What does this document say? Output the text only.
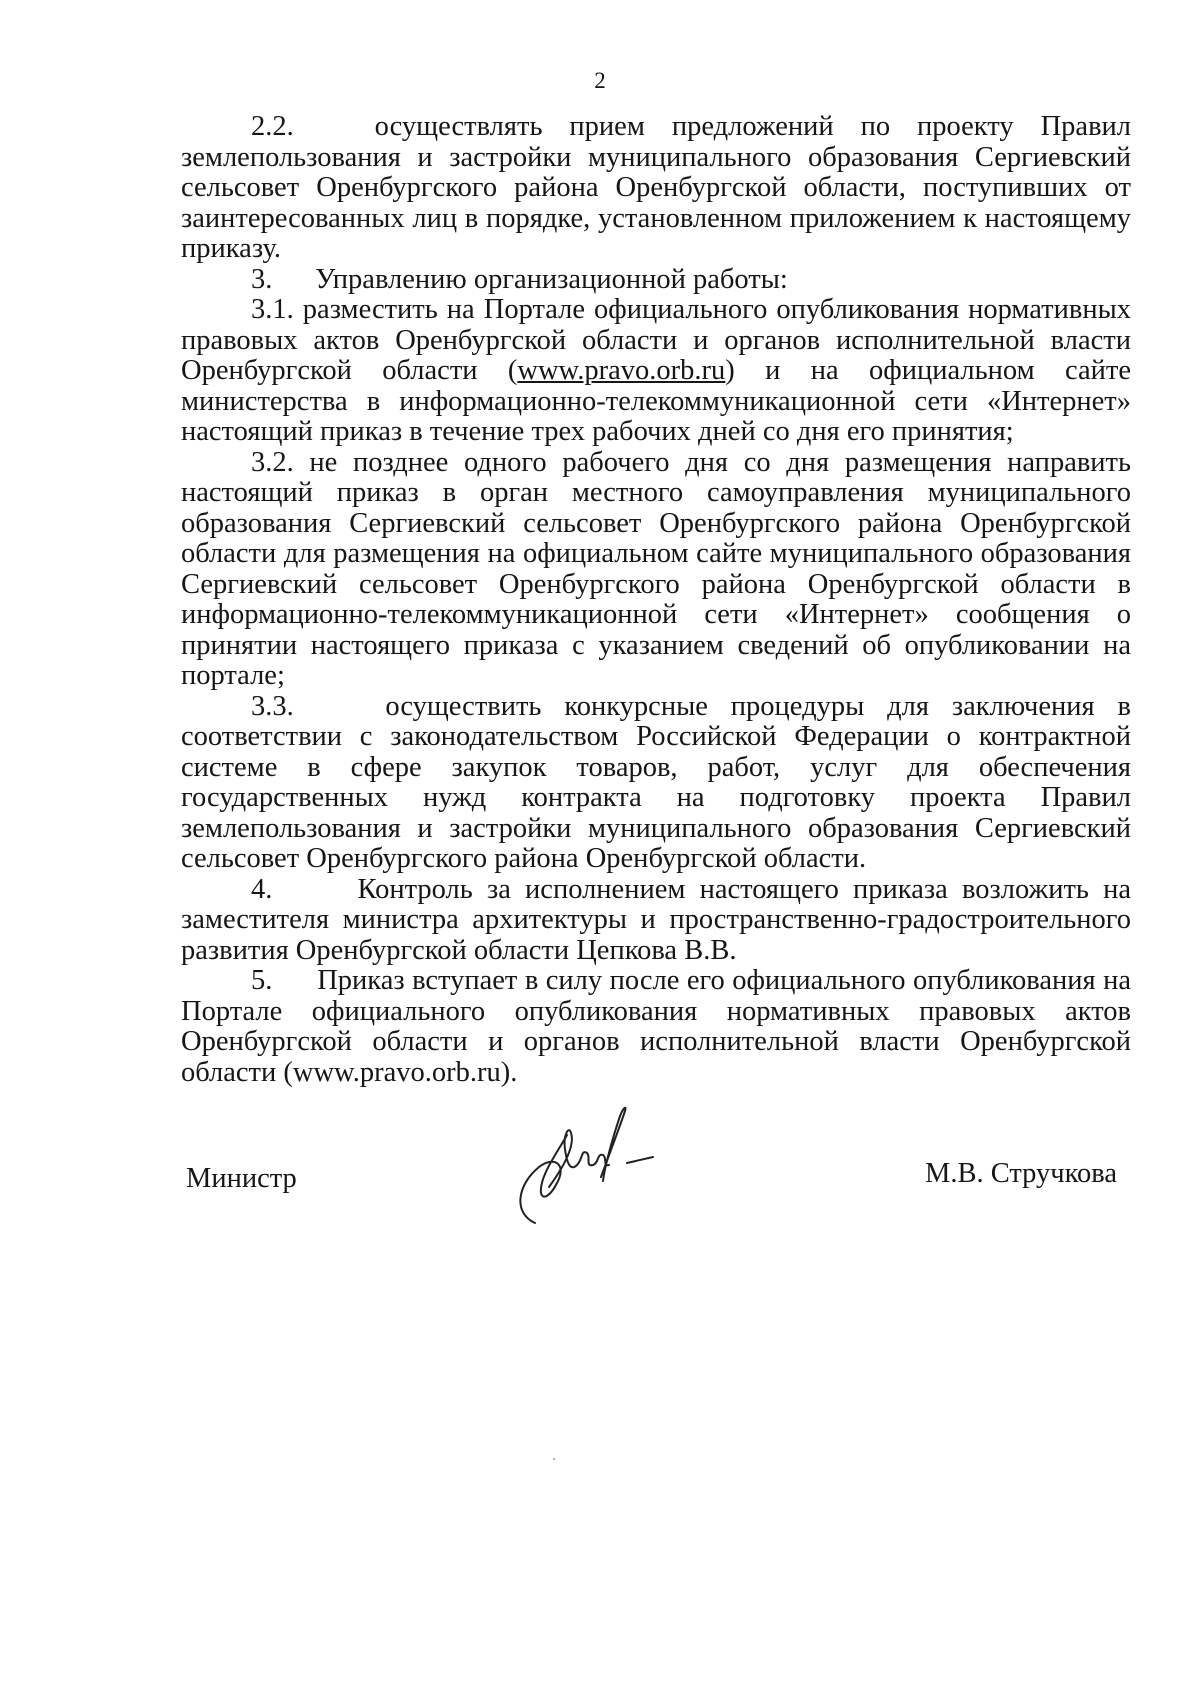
2

2.2.   осуществлять прием предложений по проекту Правил землепользования и застройки муниципального образования Сергиевский сельсовет Оренбургского района Оренбургской области, поступивших от заинтересованных лиц в порядке, установленном приложением к настоящему приказу.

3.      Управлению организационной работы:

3.1. разместить на Портале официального опубликования нормативных правовых актов Оренбургской области и органов исполнительной власти Оренбургской области (www.pravo.orb.ru) и на официальном сайте министерства в информационно-телекоммуникационной сети «Интернет» настоящий приказ в течение трех рабочих дней со дня его принятия;

3.2. не позднее одного рабочего дня со дня размещения направить настоящий приказ в орган местного самоуправления муниципального образования Сергиевский сельсовет Оренбургского района Оренбургской области для размещения на официальном сайте муниципального образования Сергиевский сельсовет Оренбургского района Оренбургской области в информационно-телекоммуникационной сети «Интернет» сообщения о принятии настоящего приказа с указанием сведений об опубликовании на портале;

3.3.    осуществить конкурсные процедуры для заключения в соответствии с законодательством Российской Федерации о контрактной системе в сфере закупок товаров, работ, услуг для обеспечения государственных нужд контракта на подготовку проекта Правил землепользования и застройки муниципального образования Сергиевский сельсовет Оренбургского района Оренбургской области.

4.      Контроль за исполнением настоящего приказа возложить на заместителя министра архитектуры и пространственно-градостроительного развития Оренбургской области Цепкова В.В.

5.      Приказ вступает в силу после его официального опубликования на Портале официального опубликования нормативных правовых актов Оренбургской области и органов исполнительной власти Оренбургской области (www.pravo.orb.ru).

Министр	М.В. Стручкова
